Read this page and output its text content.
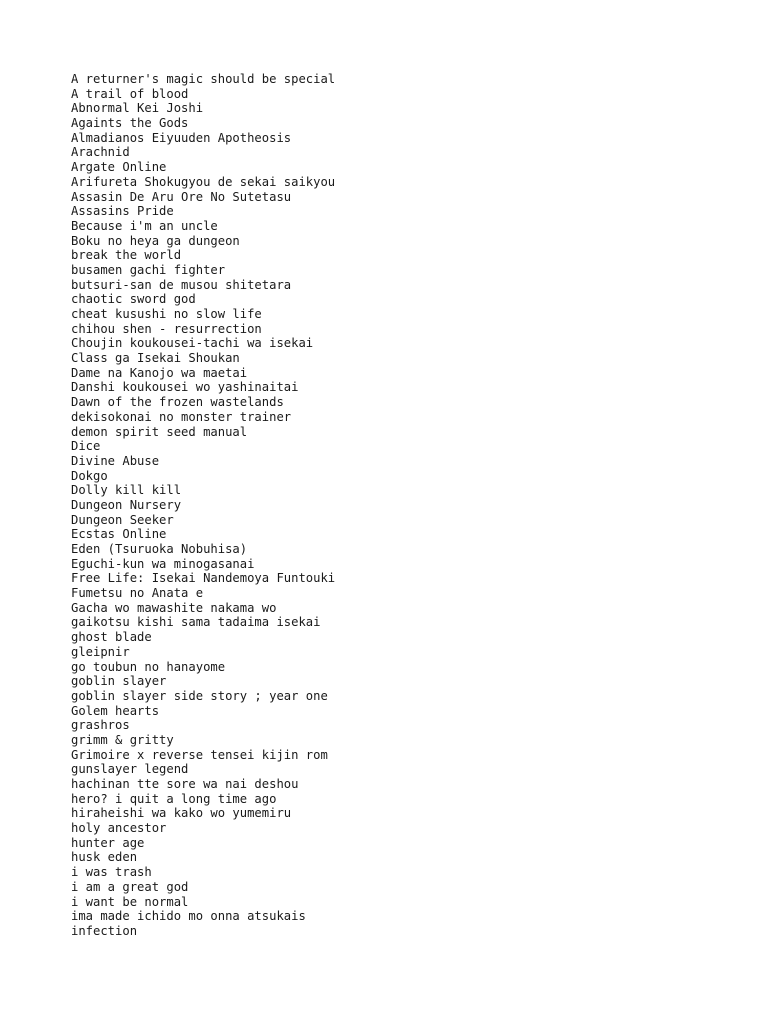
A returner's magic should be special
A trail of blood
Abnormal Kei Joshi
Againts the Gods
Almadianos Eiyuuden Apotheosis
Arachnid
Argate Online
Arifureta Shokugyou de sekai saikyou
Assasin De Aru Ore No Sutetasu
Assasins Pride
Because i'm an uncle
Boku no heya ga dungeon
break the world
busamen gachi fighter
butsuri-san de musou shitetara
chaotic sword god
cheat kusushi no slow life
chihou shen - resurrection
Choujin koukousei-tachi wa isekai
Class ga Isekai Shoukan
Dame na Kanojo wa maetai
Danshi koukousei wo yashinaitai
Dawn of the frozen wastelands
dekisokonai no monster trainer
demon spirit seed manual
Dice
Divine Abuse
Dokgo
Dolly kill kill
Dungeon Nursery
Dungeon Seeker
Ecstas Online
Eden (Tsuruoka Nobuhisa)
Eguchi-kun wa minogasanai
Free Life: Isekai Nandemoya Funtouki
Fumetsu no Anata e
Gacha wo mawashite nakama wo
gaikotsu kishi sama tadaima isekai
ghost blade
gleipnir
go toubun no hanayome
goblin slayer
goblin slayer side story ; year one
Golem hearts
grashros
grimm & gritty
Grimoire x reverse tensei kijin rom
gunslayer legend
hachinan tte sore wa nai deshou
hero? i quit a long time ago
hiraheishi wa kako wo yumemiru
holy ancestor
hunter age
husk eden
i was trash
i am a great god
i want be normal
ima made ichido mo onna atsukais
infection
